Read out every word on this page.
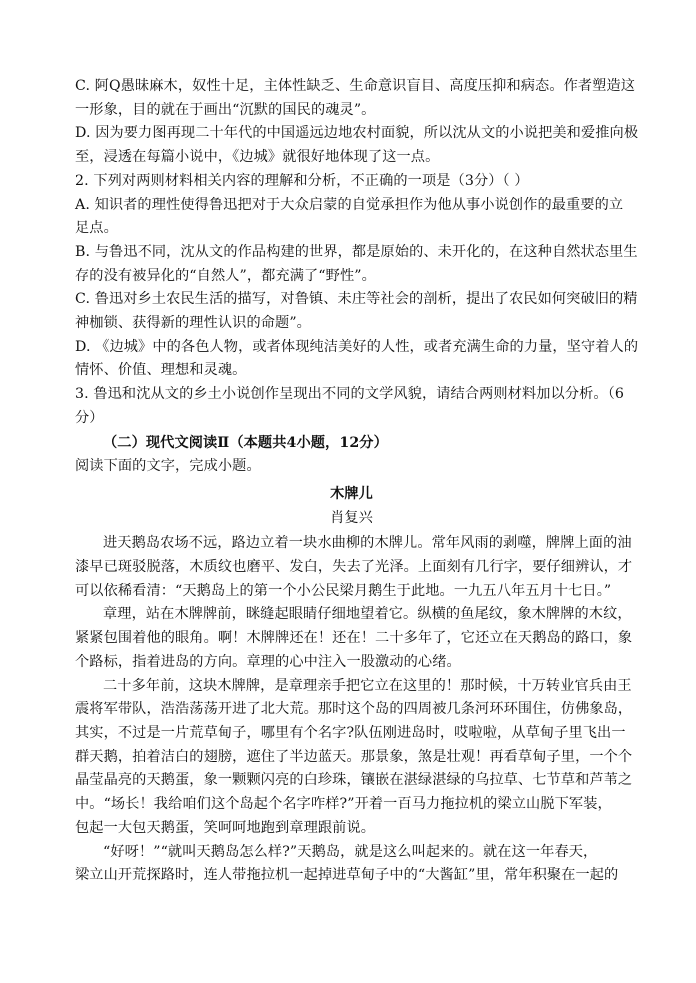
C. 阿Q愚昧麻木，奴性十足，主体性缺乏、生命意识盲目、高度压抑和病态。作者塑造这

一形象，目的就在于画出“沉默的国民的魂灵”。

D. 因为要力图再现二十年代的中国遥远边地农村面貌，所以沈从文的小说把美和爱推向极

至，浸透在每篇小说中，《边城》就很好地体现了这一点。

2. 下列对两则材料相关内容的理解和分析，不正确的一项是（3分）（ ）

A. 知识者的理性使得鲁迅把对于大众启蒙的自觉承担作为他从事小说创作的最重要的立

足点。

B. 与鲁迅不同，沈从文的作品构建的世界，都是原始的、未开化的，在这种自然状态里生

存的没有被异化的“自然人”，都充满了“野性”。

C. 鲁迅对乡土农民生活的描写，对鲁镇、未庄等社会的剖析，提出了农民如何突破旧的精

神枷锁、获得新的理性认识的命题”。

D. 《边城》中的各色人物，或者体现纯洁美好的人性，或者充满生命的力量，坚守着人的

情怀、价值、理想和灵魂。

3. 鲁迅和沈从文的乡土小说创作呈现出不同的文学风貌，请结合两则材料加以分析。（6

分）

（二）现代文阅读Ⅱ（本题共4小题，12分）

阅读下面的文字，完成小题。

木牌儿

肖复兴

进天鹅岛农场不远，路边立着一块水曲柳的木牌儿。常年风雨的剥噬，牌牌上面的油

漆早已斑驳脱落，木质纹也磨平、发白，失去了光泽。上面刻有几行字，要仔细辨认，才

可以依稀看清：“天鹅岛上的第一个小公民梁月鹅生于此地。一九五八年五月十七日。”

章理，站在木牌牌前，眯缝起眼睛仔细地望着它。纵横的鱼尾纹，象木牌牌的木纹，

紧紧包围着他的眼角。啊！木牌牌还在！还在！二十多年了，它还立在天鹅岛的路口，象

个路标，指着进岛的方向。章理的心中注入一股激动的心绪。

二十多年前，这块木牌牌，是章理亲手把它立在这里的！那时候，十万转业官兵由王

震将军带队，浩浩荡荡开进了北大荒。那时这个岛的四周被几条河环环围住，仿佛象岛，

其实，不过是一片荒草甸子，哪里有个名字?队伍刚进岛时，哎啦啦，从草甸子里飞出一

群天鹅，拍着洁白的翅膀，遮住了半边蓝天。那景象，煞是壮观！再看草甸子里，一个个

晶莹晶亮的天鹅蛋，象一颗颗闪亮的白珍珠，镶嵌在湛绿湛绿的乌拉草、七节草和芦苇之

中。“场长！我给咱们这个岛起个名字咋样?”开着一百马力拖拉机的梁立山脱下军装，

包起一大包天鹅蛋，笑呵呵地跑到章理跟前说。

“好呀！”“就叫天鹅岛怎么样?”天鹅岛，就是这么叫起来的。就在这一年春天，

梁立山开荒探路时，连人带拖拉机一起掉进草甸子中的“大酱缸”里，常年积聚在一起的
